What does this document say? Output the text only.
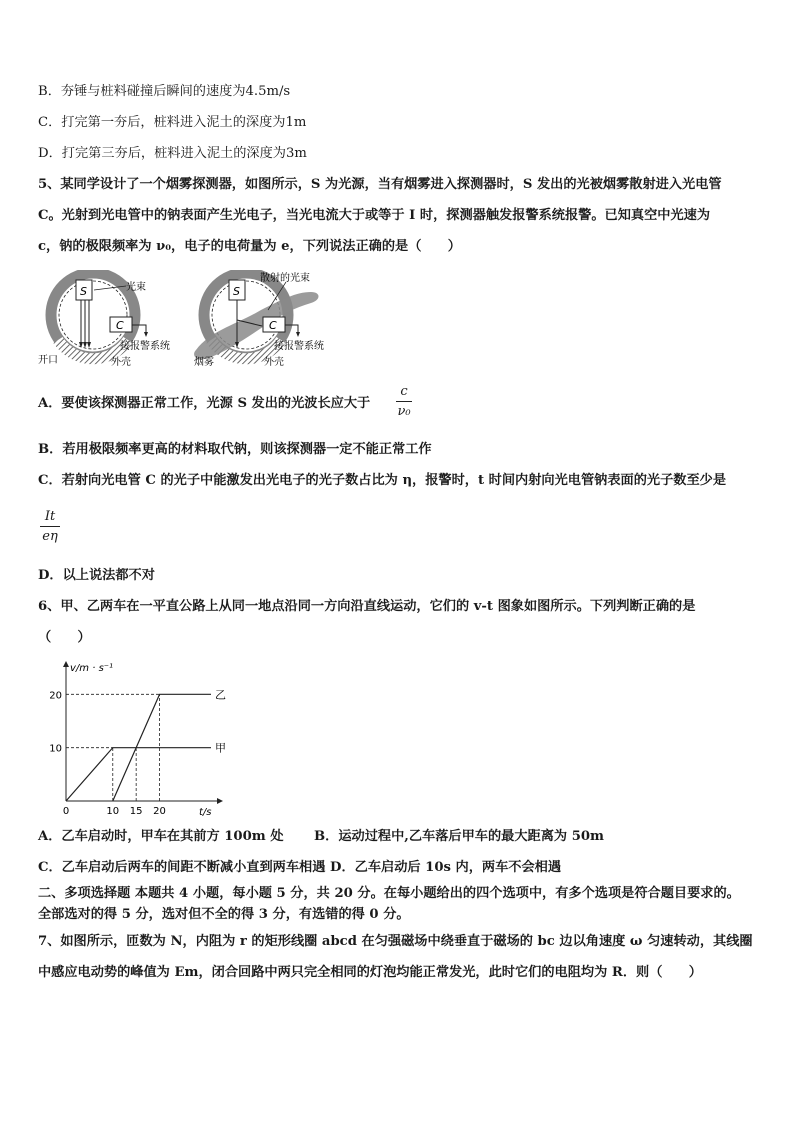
B．夯锤与桩料碰撞后瞬间的速度为4.5m/s
C．打完第一夯后，桩料进入泥土的深度为1m
D．打完第三夯后，桩料进入泥土的深度为3m
5、某同学设计了一个烟雾探测器，如图所示，S 为光源，当有烟雾进入探测器时，S 发出的光被烟雾散射进入光电管
C。光射到光电管中的钠表面产生光电子，当光电流大于或等于 I 时，探测器触发报警系统报警。已知真空中光速为
c，钠的极限频率为 ν₀，电子的电荷量为 e，下列说法正确的是（　　）
S
C
光束
接报警系统
开口	外壳
S
C
散射的光束
接报警系统
烟雾	外壳
A．要使该探测器正常工作，光源 S 发出的光波长应大于
c
ν₀
B．若用极限频率更高的材料取代钠，则该探测器一定不能正常工作
C．若射向光电管 C 的光子中能激发出光电子的光子数占比为 η，报警时，t 时间内射向光电管钠表面的光子数至少是
It
eη
D．以上说法都不对
6、甲、乙两车在一平直公路上从同一地点沿同一方向沿直线运动，它们的 v-t 图象如图所示。下列判断正确的是
（　　）
v/m · s⁻¹
t/s
甲
乙
10
20
0	10 15 20
A．乙车启动时，甲车在其前方 100m 处 B．运动过程中,乙车落后甲车的最大距离为 50m
C．乙车启动后两车的间距不断减小直到两车相遇 D．乙车启动后 10s 内，两车不会相遇
二、多项选择题 本题共 4 小题，每小题 5 分，共 20 分。在每小题给出的四个选项中，有多个选项是符合题目要求的。
全部选对的得 5 分，选对但不全的得 3 分，有选错的得 0 分。
7、如图所示，匝数为 N，内阻为 r 的矩形线圈 abcd 在匀强磁场中绕垂直于磁场的 bc 边以角速度 ω 匀速转动，其线圈
中感应电动势的峰值为 Em，闭合回路中两只完全相同的灯泡均能正常发光，此时它们的电阻均为 R．则（　　）
